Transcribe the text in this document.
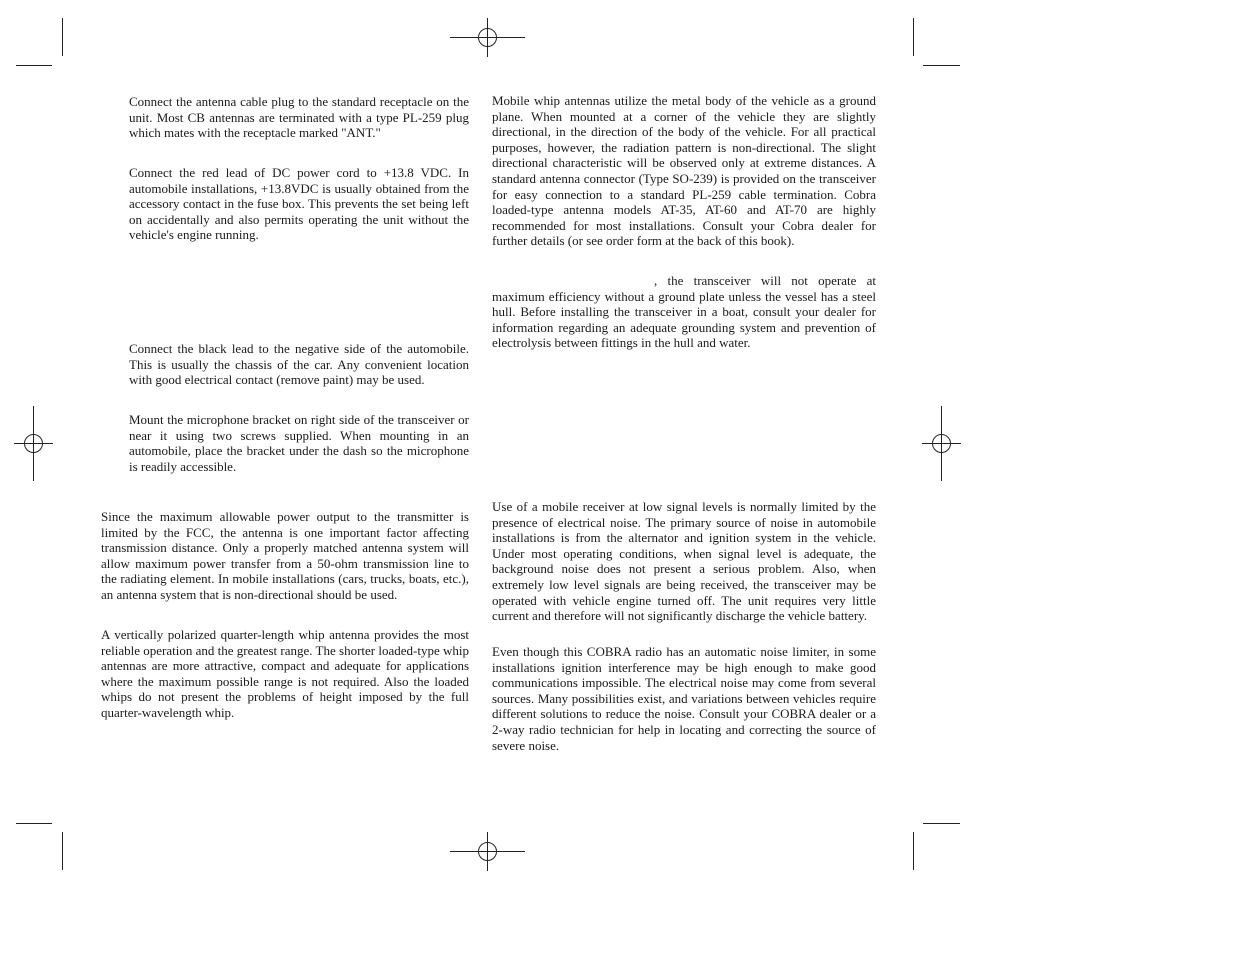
Connect the antenna cable plug to the standard receptacle on the unit. Most CB antennas are terminated with a type PL-259 plug which mates with the receptacle marked "ANT."

Connect the red lead of DC power cord to +13.8 VDC. In automobile installations, +13.8VDC is usually obtained from the accessory contact in the fuse box. This prevents the set being left on accidentally and also permits operating the unit without the vehicle's engine running.

Connect the black lead to the negative side of the automobile. This is usually the chassis of the car. Any convenient location with good electrical contact (remove paint) may be used.

Mount the microphone bracket on right side of the transceiver or near it using two screws supplied. When mounting in an automobile, place the bracket under the dash so the microphone is readily accessible.

Since the maximum allowable power output to the transmitter is limited by the FCC, the antenna is one important factor affecting transmission distance. Only a properly matched antenna system will allow maximum power transfer from a 50-ohm transmission line to the radiating element. In mobile installations (cars, trucks, boats, etc.), an antenna system that is non-directional should be used.

A vertically polarized quarter-length whip antenna provides the most reliable operation and the greatest range. The shorter loaded-type whip antennas are more attractive, compact and adequate for applications where the maximum possible range is not required. Also the loaded whips do not present the problems of height imposed by the full quarter-wavelength whip.

Mobile whip antennas utilize the metal body of the vehicle as a ground plane. When mounted at a corner of the vehicle they are slightly directional, in the direction of the body of the vehicle. For all practical purposes, however, the radiation pattern is non-directional. The slight directional characteristic will be observed only at extreme distances. A standard antenna connector (Type SO-239) is provided on the transceiver for easy connection to a standard PL-259 cable termination. Cobra loaded-type antenna models AT-35, AT-60 and AT-70 are highly recommended for most installations. Consult your Cobra dealer for further details (or see order form at the back of this book).

, the transceiver will not operate at maximum efficiency without a ground plate unless the vessel has a steel hull. Before installing the transceiver in a boat, consult your dealer for information regarding an adequate grounding system and prevention of electrolysis between fittings in the hull and water.

Use of a mobile receiver at low signal levels is normally limited by the presence of electrical noise. The primary source of noise in automobile installations is from the alternator and ignition system in the vehicle. Under most operating conditions, when signal level is adequate, the background noise does not present a serious problem. Also, when extremely low level signals are being received, the transceiver may be operated with vehicle engine turned off. The unit requires very little current and therefore will not significantly discharge the vehicle battery.

Even though this COBRA radio has an automatic noise limiter, in some installations ignition interference may be high enough to make good communications impossible. The electrical noise may come from several sources. Many possibilities exist, and variations between vehicles require different solutions to reduce the noise. Consult your COBRA dealer or a 2-way radio technician for help in locating and correcting the source of severe noise.
